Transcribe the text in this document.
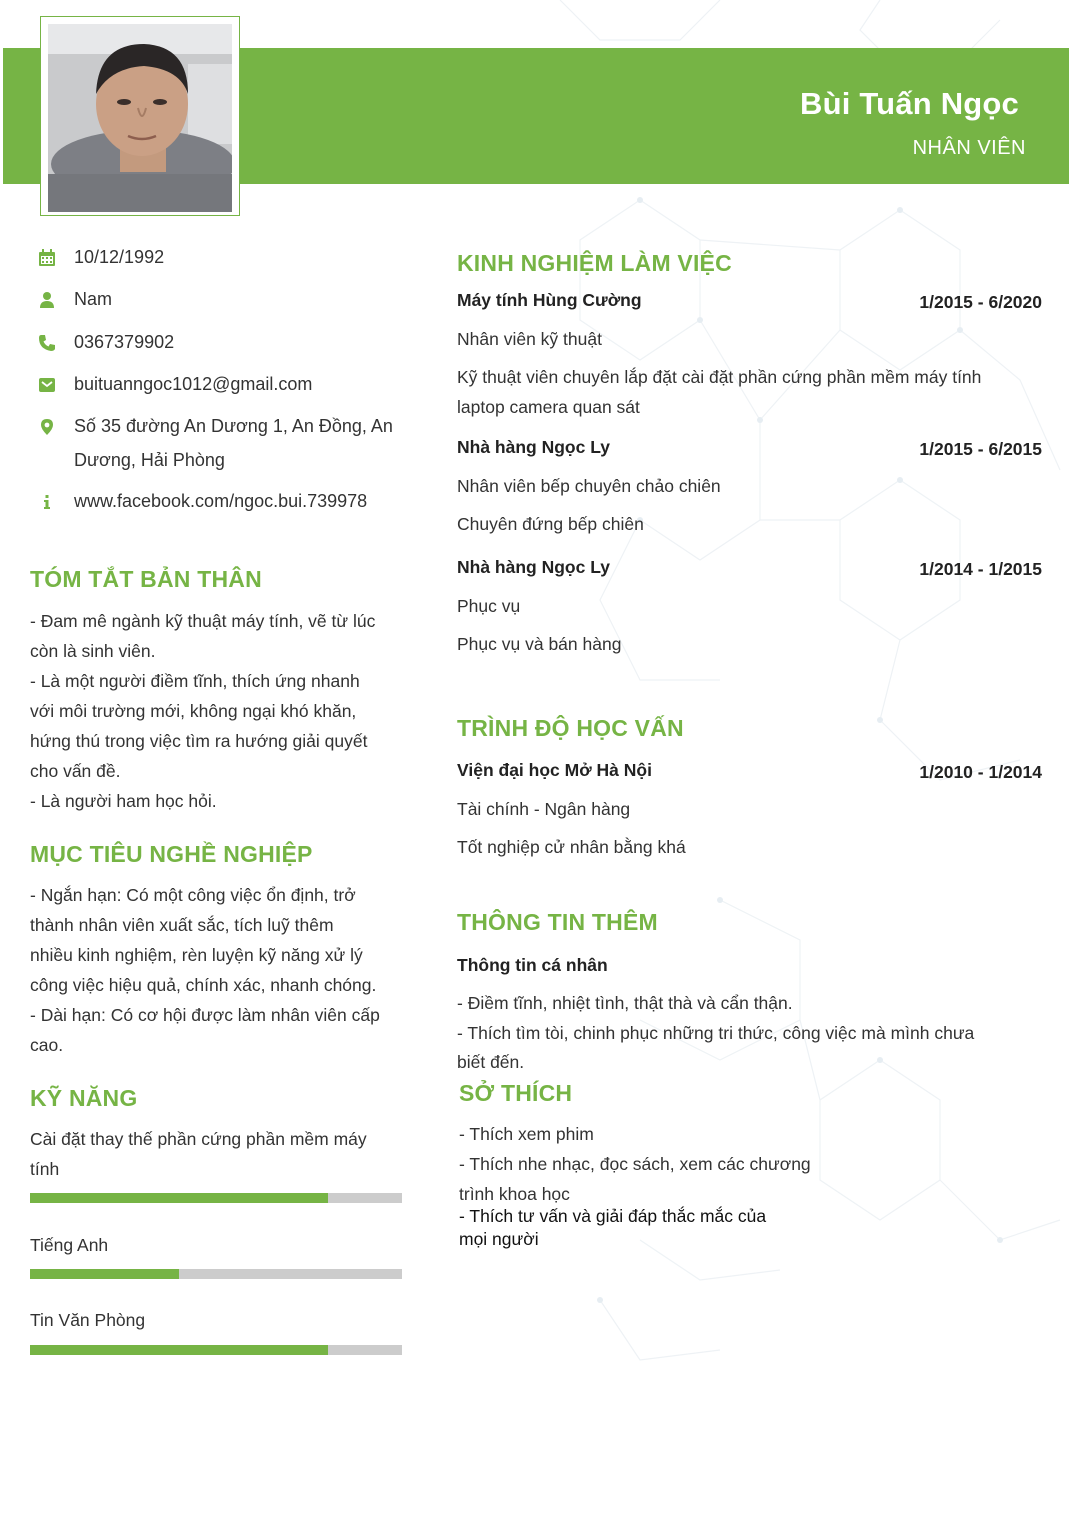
Bùi Tuấn Ngọc
NHÂN VIÊN
10/12/1992
Nam
0367379902
buituanngoc1012@gmail.com
Số 35 đường An Dương 1, An Đồng, An
Dương, Hải Phòng
www.facebook.com/ngoc.bui.739978
TÓM TẮT BẢN THÂN
- Đam mê ngành kỹ thuật máy tính, vẽ từ lúc
còn là sinh viên.
- Là một người điềm tĩnh, thích ứng nhanh
với môi trường mới, không ngại khó khăn,
hứng thú trong việc tìm ra hướng giải quyết
cho vấn đề.
- Là người ham học hỏi.
MỤC TIÊU NGHỀ NGHIỆP
- Ngắn hạn: Có một công việc ổn định, trở
thành nhân viên xuất sắc, tích luỹ thêm
nhiều kinh nghiệm, rèn luyện kỹ năng xử lý
công việc hiệu quả, chính xác, nhanh chóng.
- Dài hạn: Có cơ hội được làm nhân viên cấp
cao.
KỸ NĂNG
Cài đặt thay thế phần cứng phần mềm máy
tính
Tiếng Anh
Tin Văn Phòng
KINH NGHIỆM LÀM VIỆC
Máy tính Hùng Cường	1/2015 - 6/2020
Nhân viên kỹ thuật
Kỹ thuật viên chuyên lắp đặt cài đặt phần cứng phần mềm máy tính
laptop camera quan sát
Nhà hàng Ngọc Ly	1/2015 - 6/2015
Nhân viên bếp chuyên chảo chiên
Chuyên đứng bếp chiên
Nhà hàng Ngọc Ly	1/2014 - 1/2015
Phục vụ
Phục vụ và bán hàng
TRÌNH ĐỘ HỌC VẤN
Viện đại học Mở Hà Nội	1/2010 - 1/2014
Tài chính - Ngân hàng
Tốt nghiệp cử nhân bằng khá
THÔNG TIN THÊM
Thông tin cá nhân
- Điềm tĩnh, nhiệt tình, thật thà và cẩn thận.
- Thích tìm tòi, chinh phục những tri thức, công việc mà mình chưa
biết đến.
SỞ THÍCH
- Thích xem phim
- Thích nhe nhạc, đọc sách, xem các chương
trình khoa học
- Thích tư vấn và giải đáp thắc mắc của
mọi người
